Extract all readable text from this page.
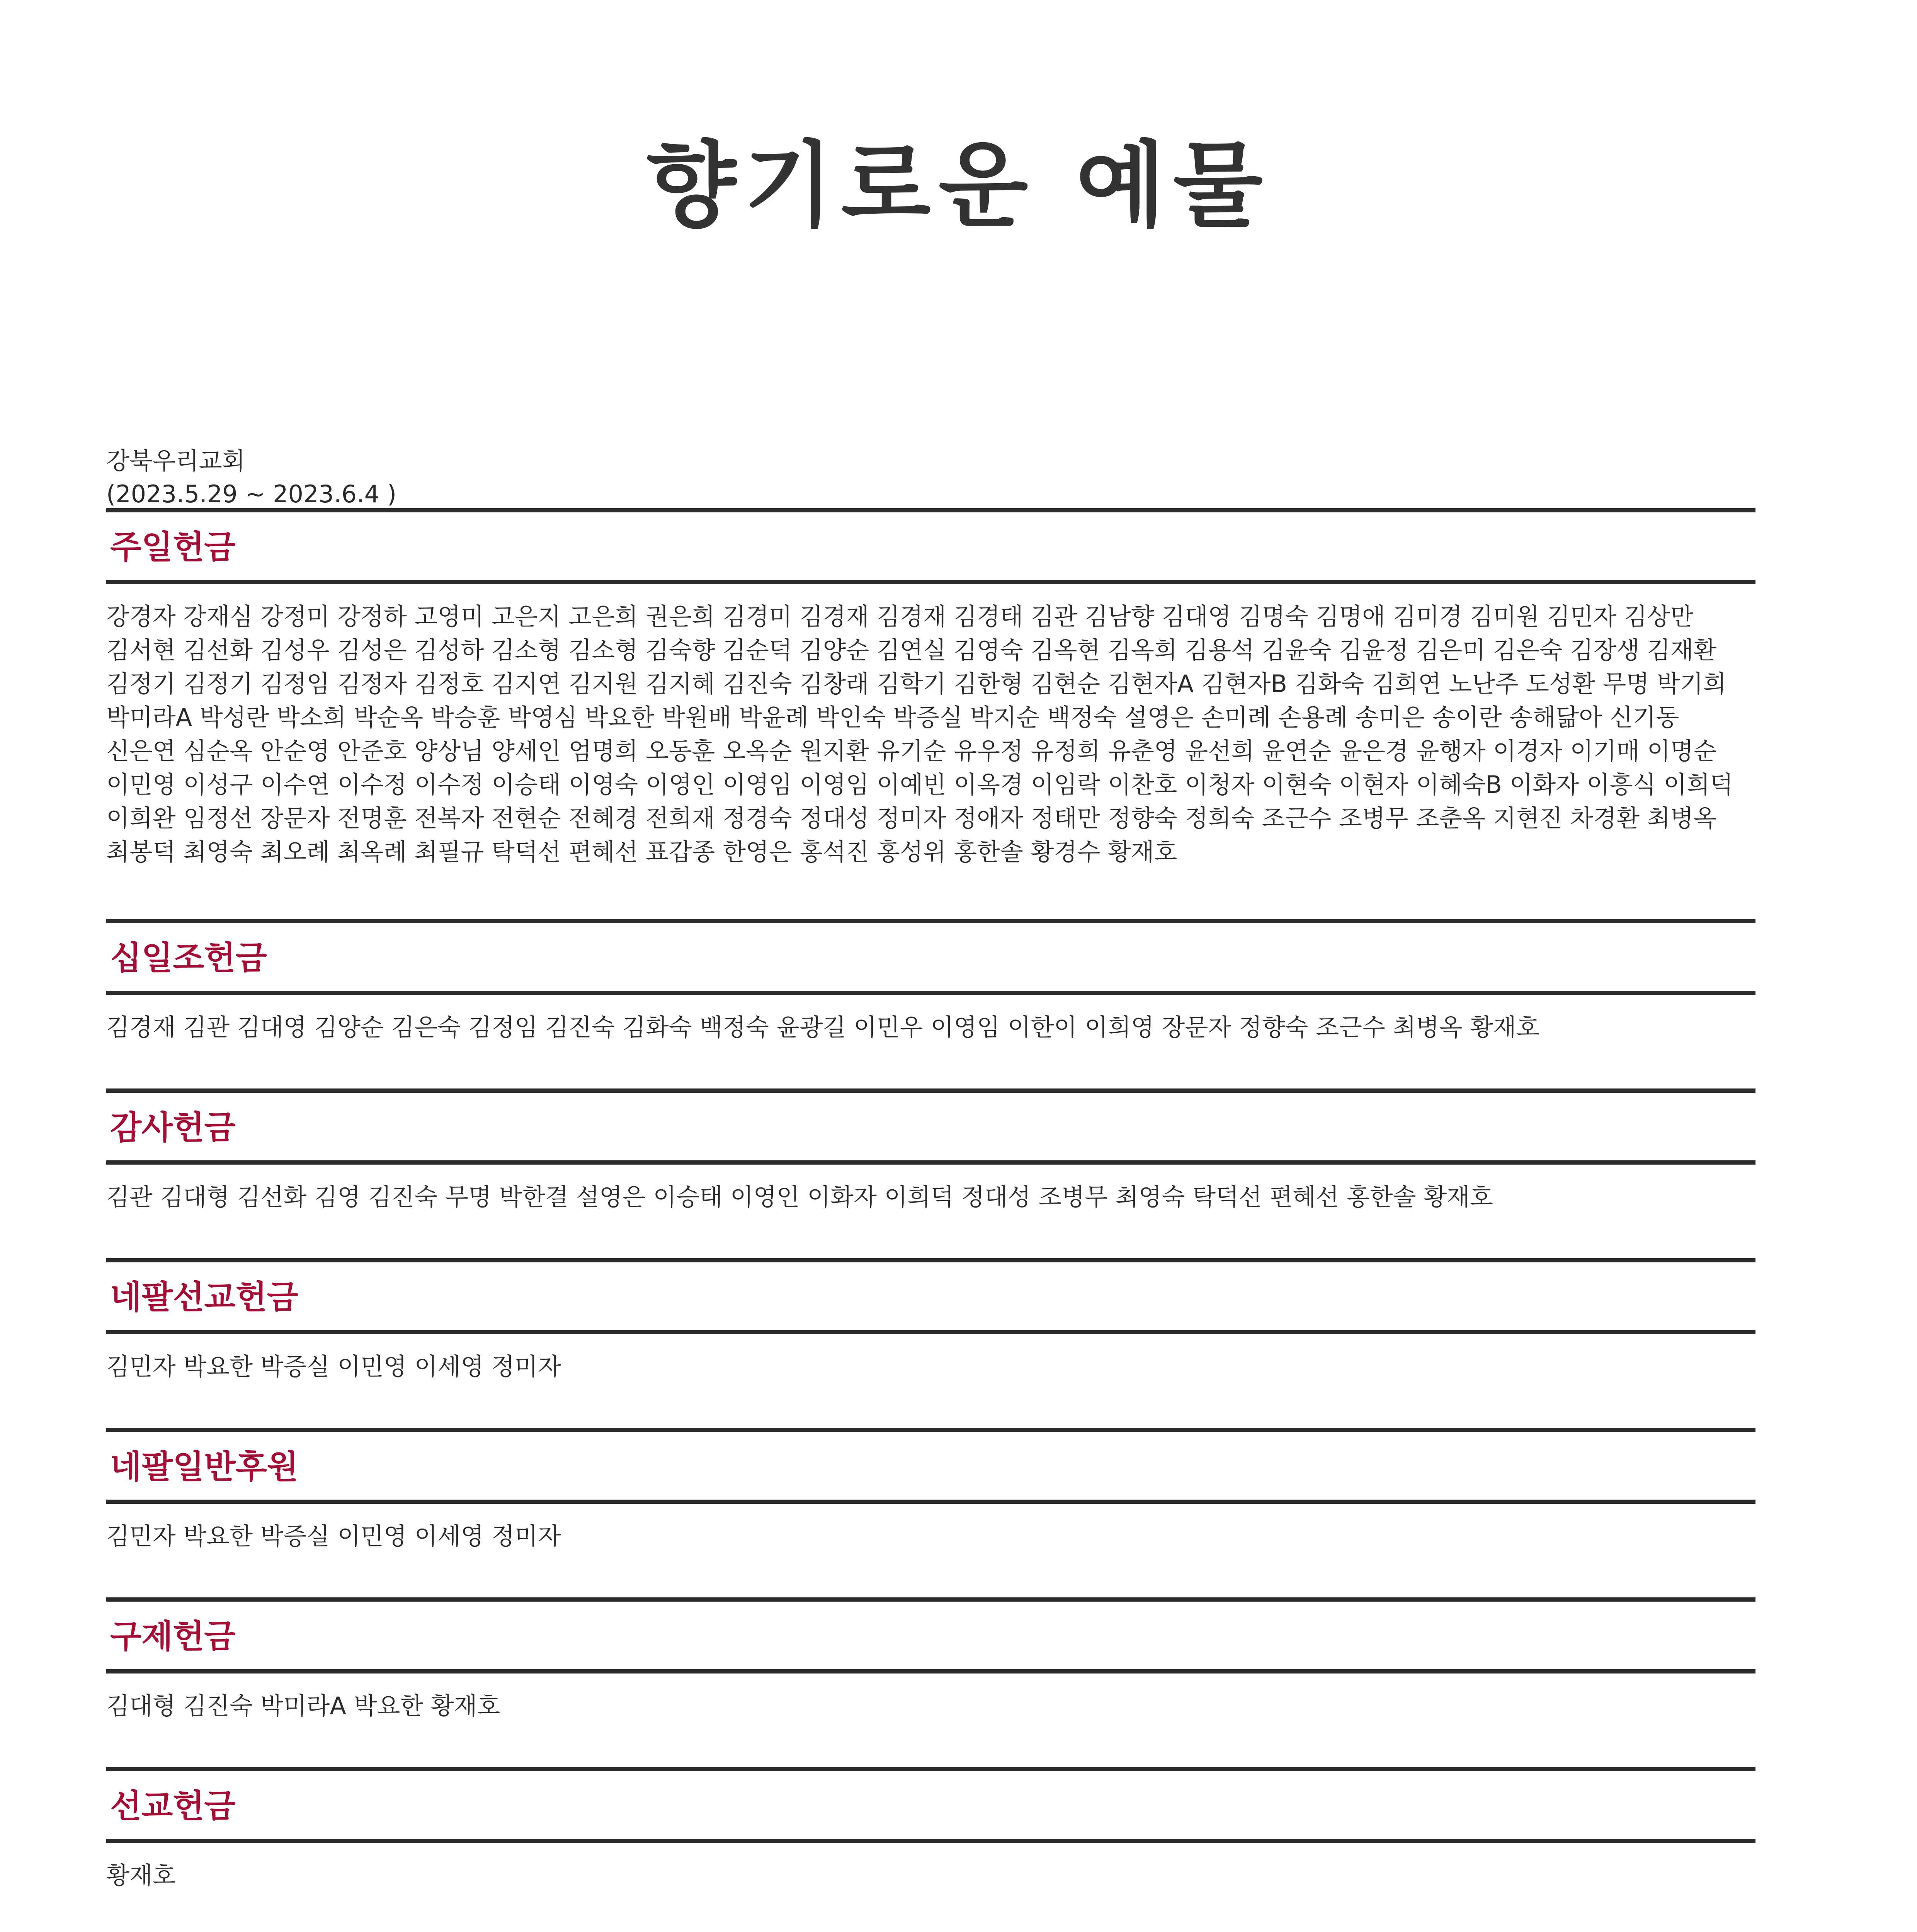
향기로운 예물
강북우리교회
(2023.5.29 ~ 2023.6.4 )
주일헌금
강경자 강재심 강정미 강정하 고영미 고은지 고은희 권은희 김경미 김경재 김경재 김경태 김관 김남향 김대영 김명숙 김명애 김미경 김미원 김민자 김상만 김서현 김선화 김성우 김성은 김성하 김소형 김소형 김숙향 김순덕 김양순 김연실 김영숙 김옥현 김옥희 김용석 김윤숙 김윤정 김은미 김은숙 김장생 김재환 김정기 김정기 김정임 김정자 김정호 김지연 김지원 김지혜 김진숙 김창래 김학기 김한형 김현순 김현자A 김현자B 김화숙 김희연 노난주 도성환 무명 박기희 박미라A 박성란 박소희 박순옥 박승훈 박영심 박요한 박원배 박윤례 박인숙 박증실 박지순 백정숙 설영은 손미례 손용례 송미은 송이란 송해닮아 신기동 신은연 심순옥 안순영 안준호 양상님 양세인 엄명희 오동훈 오옥순 원지환 유기순 유우정 유정희 유춘영 윤선희 윤연순 윤은경 윤행자 이경자 이기매 이명순 이민영 이성구 이수연 이수정 이수정 이승태 이영숙 이영인 이영임 이영임 이예빈 이옥경 이임락 이찬호 이청자 이현숙 이현자 이혜숙B 이화자 이흥식 이희덕 이희완 임정선 장문자 전명훈 전복자 전현순 전혜경 전희재 정경숙 정대성 정미자 정애자 정태만 정향숙 정희숙 조근수 조병무 조춘옥 지현진 차경환 최병옥 최봉덕 최영숙 최오례 최옥례 최필규 탁덕선 편혜선 표갑종 한영은 홍석진 홍성위 홍한솔 황경수 황재호
십일조헌금
김경재 김관 김대영 김양순 김은숙 김정임 김진숙 김화숙 백정숙 윤광길 이민우 이영임 이한이 이희영 장문자 정향숙 조근수 최병옥 황재호
감사헌금
김관 김대형 김선화 김영 김진숙 무명 박한결 설영은 이승태 이영인 이화자 이희덕 정대성 조병무 최영숙 탁덕선 편혜선 홍한솔 황재호
네팔선교헌금
김민자 박요한 박증실 이민영 이세영 정미자
네팔일반후원
김민자 박요한 박증실 이민영 이세영 정미자
구제헌금
김대형 김진숙 박미라A 박요한 황재호
선교헌금
황재호
